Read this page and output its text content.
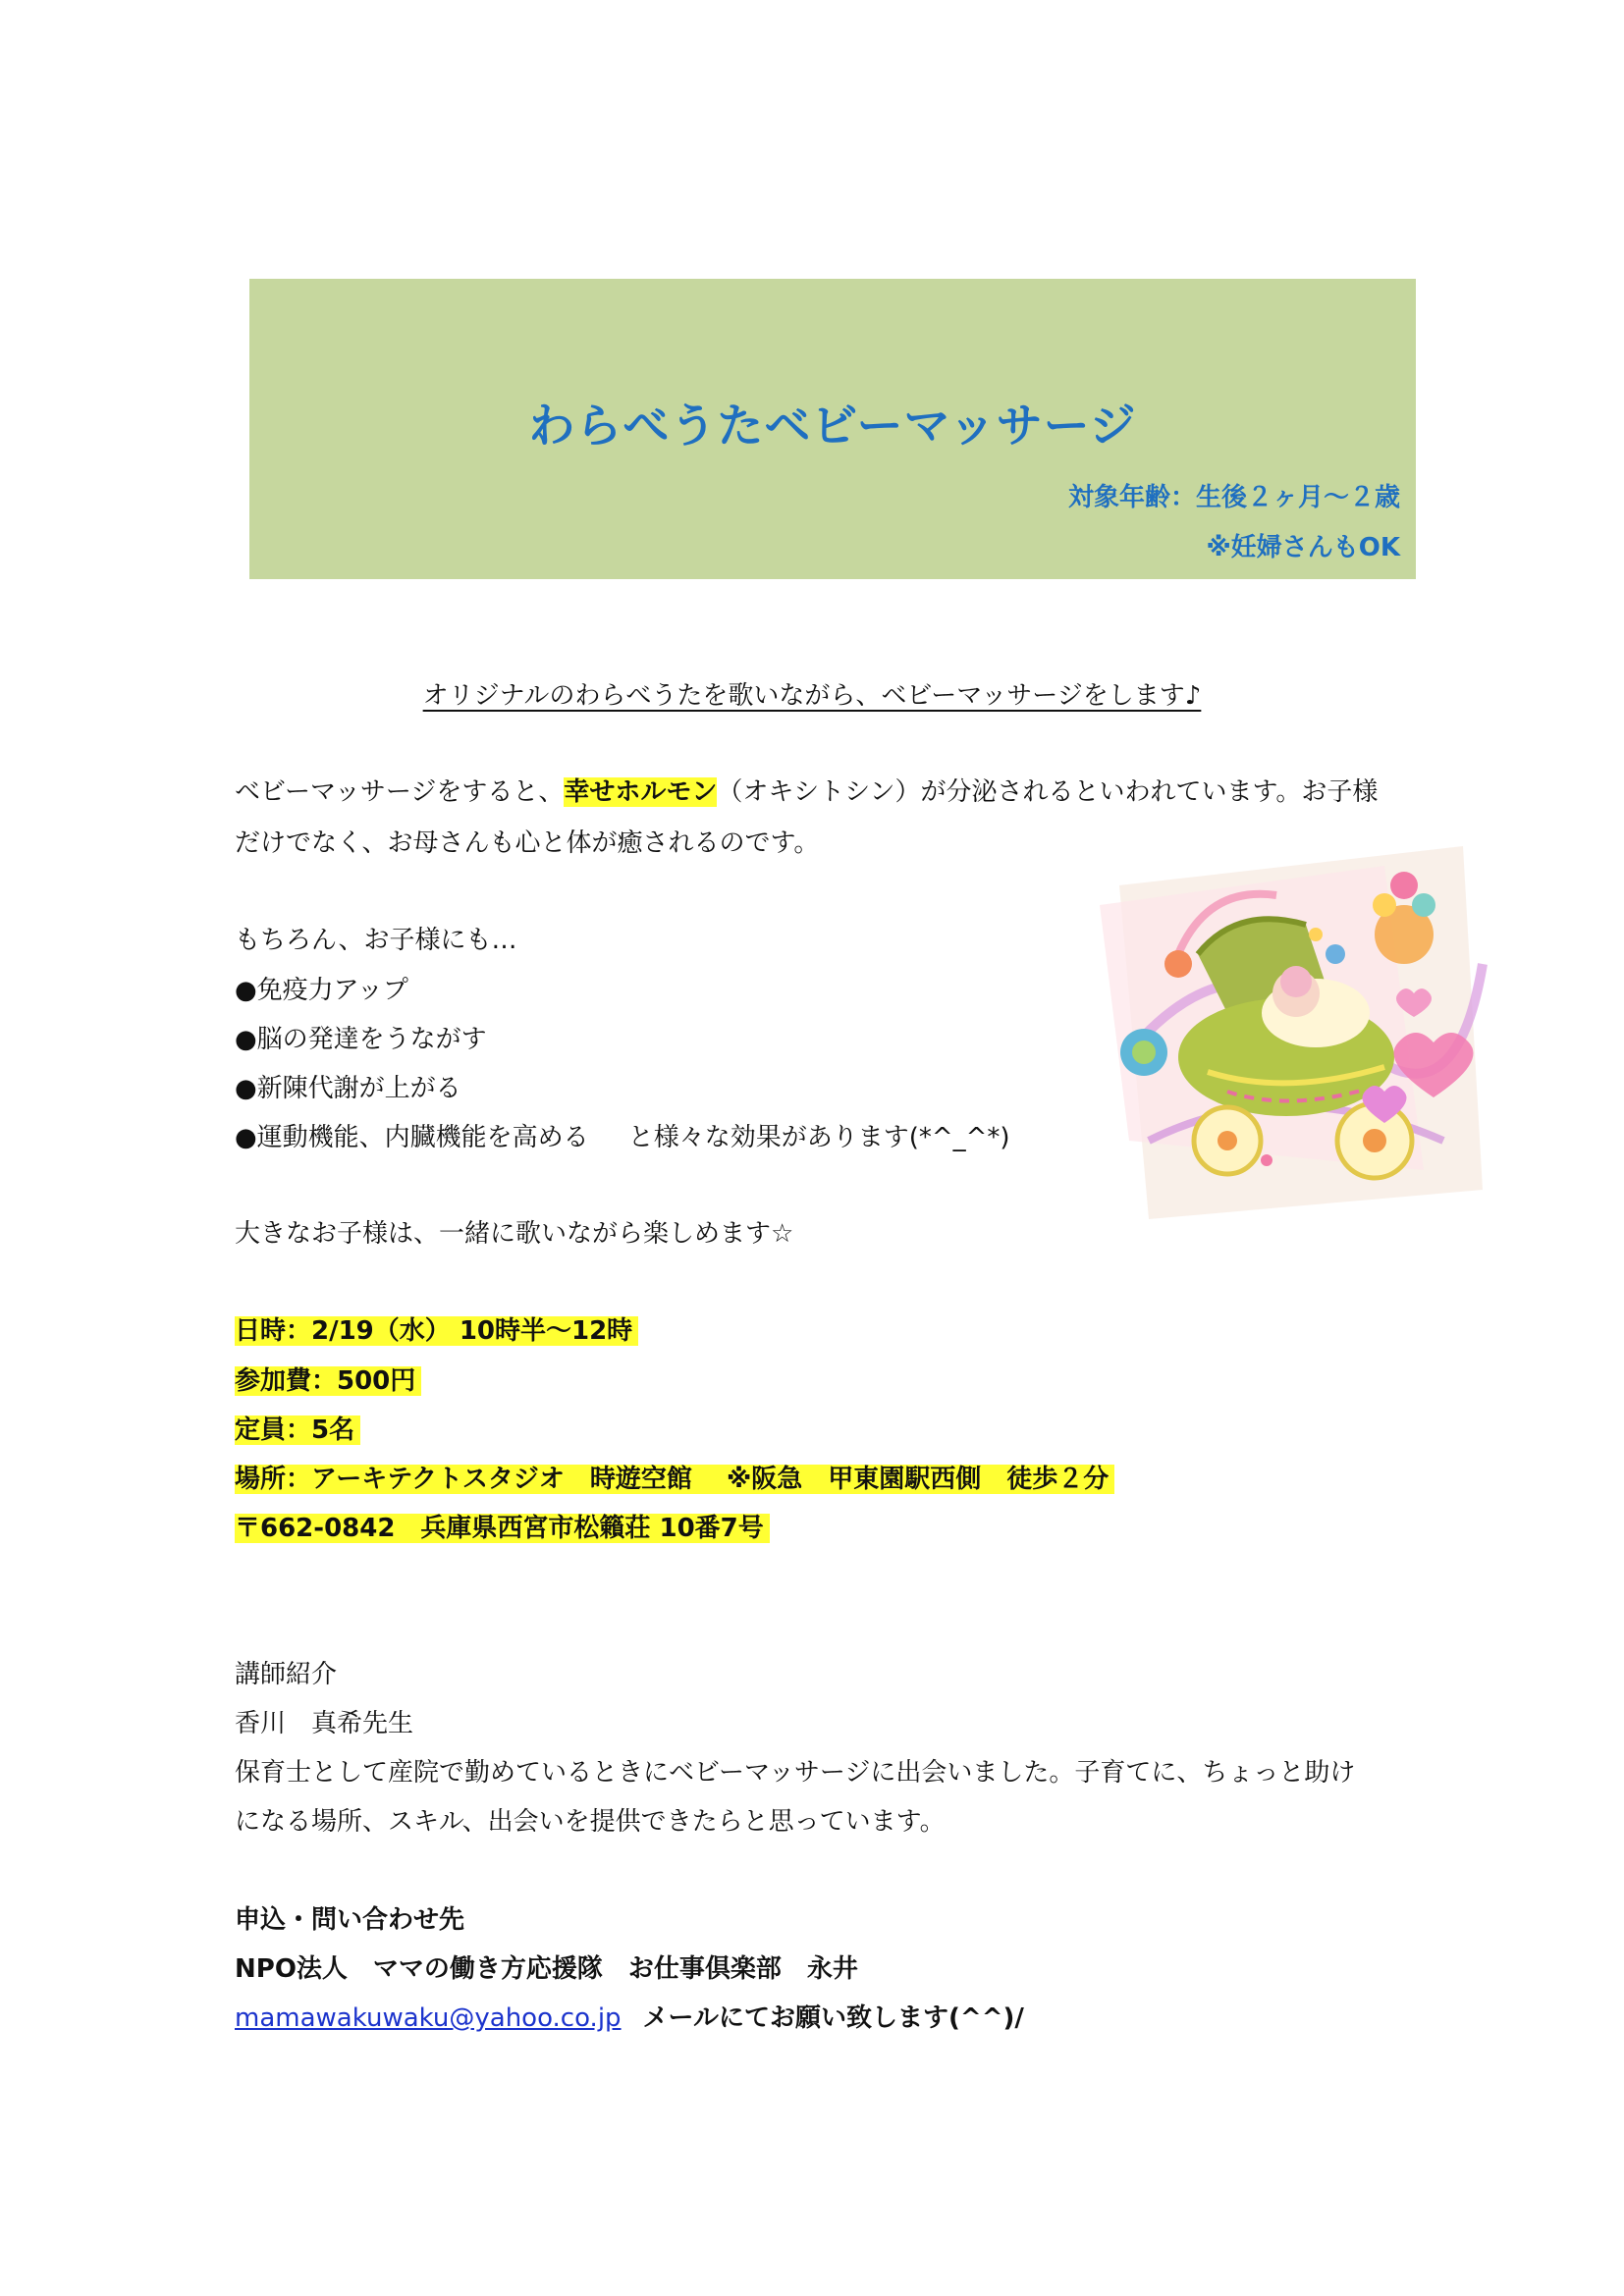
わらべうたベビーマッサージ
対象年齢：生後２ヶ月～２歳
※妊婦さんもOK
オリジナルのわらべうたを歌いながら、ベビーマッサージをします♪
ベビーマッサージをすると、幸せホルモン（オキシトシン）が分泌されるといわれています。お子様
だけでなく、お母さんも心と体が癒されるのです。
もちろん、お子様にも…
●免疫力アップ
●脳の発達をうながす
●新陳代謝が上がる
●運動機能、内臓機能を高める と様々な効果があります(*^_^*)
大きなお子様は、一緒に歌いながら楽しめます☆
日時：2/19（水） 10時半～12時
参加費：500円
定員：5名
場所：アーキテクトスタジオ　時遊空館　 ※阪急　甲東園駅西側　徒歩２分
〒662-0842　兵庫県西宮市松籟荘 10番7号
講師紹介
香川　真希先生
保育士として産院で勤めているときにベビーマッサージに出会いました。子育てに、ちょっと助け
になる場所、スキル、出会いを提供できたらと思っています。
申込・問い合わせ先
NPO法人　ママの働き方応援隊　お仕事倶楽部　永井
mamawakuwaku@yahoo.co.jp メールにてお願い致します(^^)/
